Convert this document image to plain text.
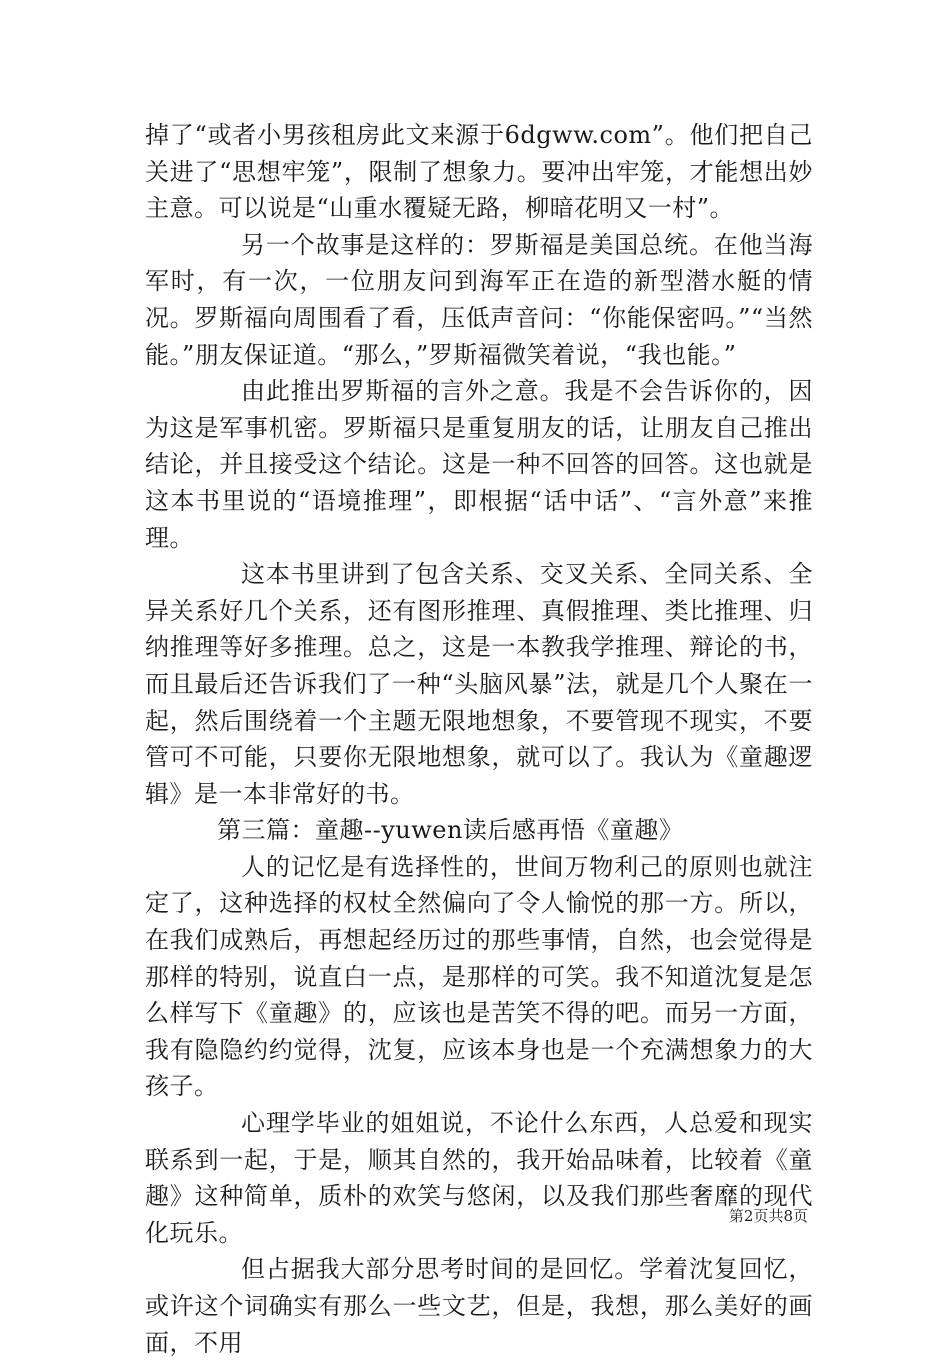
掉了“或者小男孩租房此文来源于6dgww.com”。他们把自己关进了“思想牢笼”，限制了想象力。要冲出牢笼，才能想出妙主意。可以说是“山重水覆疑无路，柳暗花明又一村”。

另一个故事是这样的：罗斯福是美国总统。在他当海军时，有一次，一位朋友问到海军正在造的新型潜水艇的情况。罗斯福向周围看了看，压低声音问：“你能保密吗。”“当然能。”朋友保证道。“那么，”罗斯福微笑着说，“我也能。”

由此推出罗斯福的言外之意。我是不会告诉你的，因为这是军事机密。罗斯福只是重复朋友的话，让朋友自己推出结论，并且接受这个结论。这是一种不回答的回答。这也就是这本书里说的“语境推理”，即根据“话中话”、“言外意”来推理。

这本书里讲到了包含关系、交叉关系、全同关系、全异关系好几个关系，还有图形推理、真假推理、类比推理、归纳推理等好多推理。总之，这是一本教我学推理、辩论的书，而且最后还告诉我们了一种“头脑风暴”法，就是几个人聚在一起，然后围绕着一个主题无限地想象，不要管现不现实，不要管可不可能，只要你无限地想象，就可以了。我认为《童趣逻辑》是一本非常好的书。

第三篇：童趣--yuwen读后感再悟《童趣》

人的记忆是有选择性的，世间万物利己的原则也就注定了，这种选择的权杖全然偏向了令人愉悦的那一方。所以，在我们成熟后，再想起经历过的那些事情，自然，也会觉得是那样的特别，说直白一点，是那样的可笑。我不知道沈复是怎么样写下《童趣》的，应该也是苦笑不得的吧。而另一方面，我有隐隐约约觉得，沈复，应该本身也是一个充满想象力的大孩子。

心理学毕业的姐姐说，不论什么东西，人总爱和现实联系到一起，于是，顺其自然的，我开始品味着，比较着《童趣》这种简单，质朴的欢笑与悠闲，以及我们那些奢靡的现代化玩乐。

但占据我大部分思考时间的是回忆。学着沈复回忆，或许这个词确实有那么一些文艺，但是，我想，那么美好的画面，不用

第2页共8页
